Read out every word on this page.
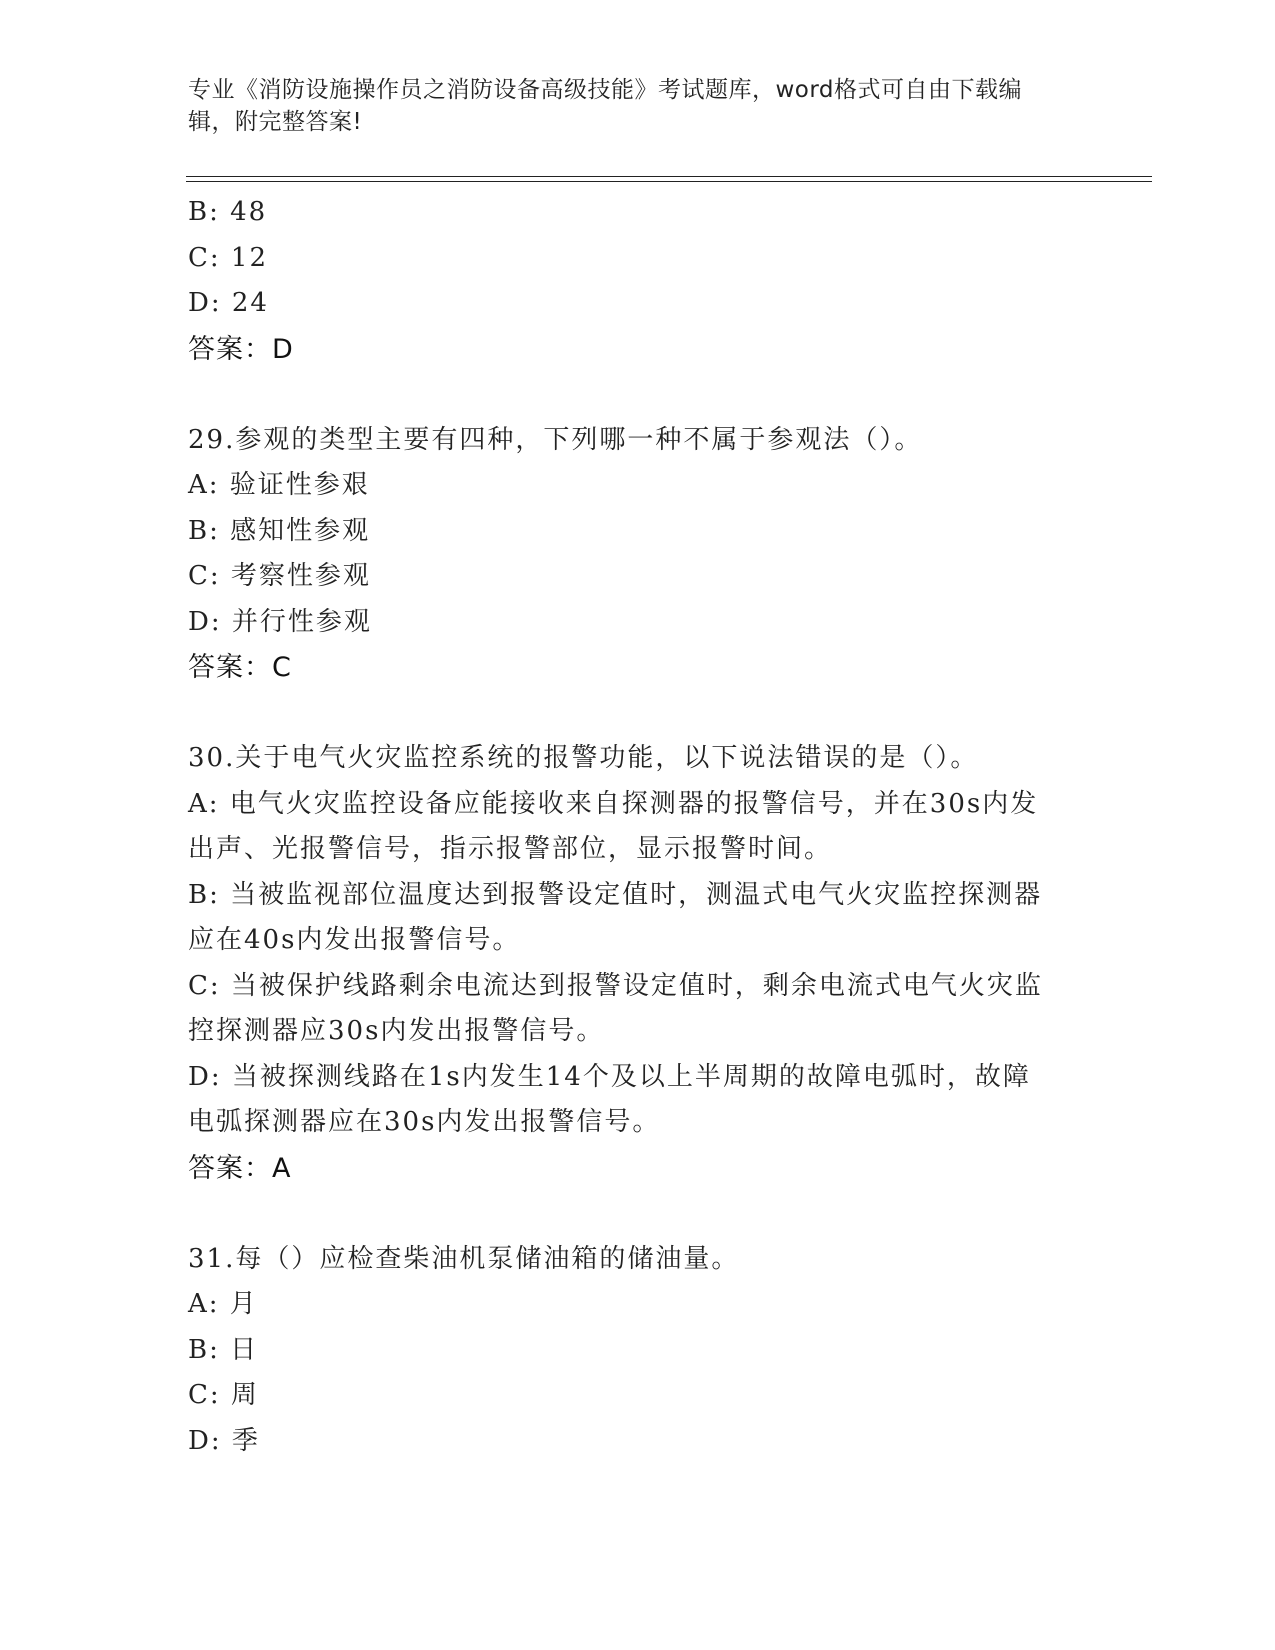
专业《消防设施操作员之消防设备高级技能》考试题库，word格式可自由下载编
辑，附完整答案!
B: 48
C: 12
D: 24
答案：D
29.参观的类型主要有四种，下列哪一种不属于参观法（）。
A: 验证性参艰
B: 感知性参观
C: 考察性参观
D: 并行性参观
答案：C
30.关于电气火灾监控系统的报警功能，以下说法错误的是（）。
A: 电气火灾监控设备应能接收来自探测器的报警信号，并在30s内发
出声、光报警信号，指示报警部位，显示报警时间。
B: 当被监视部位温度达到报警设定值时，测温式电气火灾监控探测器
应在40s内发出报警信号。
C: 当被保护线路剩余电流达到报警设定值时，剩余电流式电气火灾监
控探测器应30s内发出报警信号。
D: 当被探测线路在1s内发生14个及以上半周期的故障电弧时，故障
电弧探测器应在30s内发出报警信号。
答案：A
31.每（）应检查柴油机泵储油箱的储油量。
A: 月
B: 日
C: 周
D: 季
